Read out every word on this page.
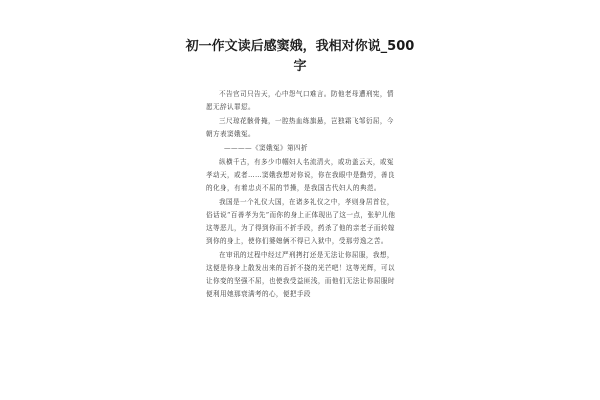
初一作文读后感窦娥，我相对你说_500字

不告官司只告天，心中怨气口难言。防他老母遭刑宪，情愿无辞认罪愆。

三尺琼花骸骨掩，一腔热血练旗悬，岂独霜飞邹衍屈，今朝方表窦娥冤。

————《窦娥冤》第四折

纵横千古，有多少巾帼妇人名流清火，或功盖云天，或冤孝动天，或者……窦娥我想对你说，你在我眼中是勤劳，善良的化身，有着忠贞不屈的节操，是我国古代妇人的典范。

我国是一个礼仪大国，在诸多礼仪之中，孝则身居首位，俗话说“百善孝为先”而你的身上正体现出了这一点，张驴儿他这等恶儿，为了得到你而不折手段，药杀了他的亲老子而转嫁到你的身上，使你们婆媳俩不得已入狱中，受那劳逸之苦。

在审讯的过程中经过严刑拷打还是无法让你屈服，我想，这便是你身上散发出来的百折不挠的光芒吧！这等光辉，可以让你变的坚强不屈，也使我受益匪浅，而他们无法让你屈服时便利用她那衰满考的心，便把手段
